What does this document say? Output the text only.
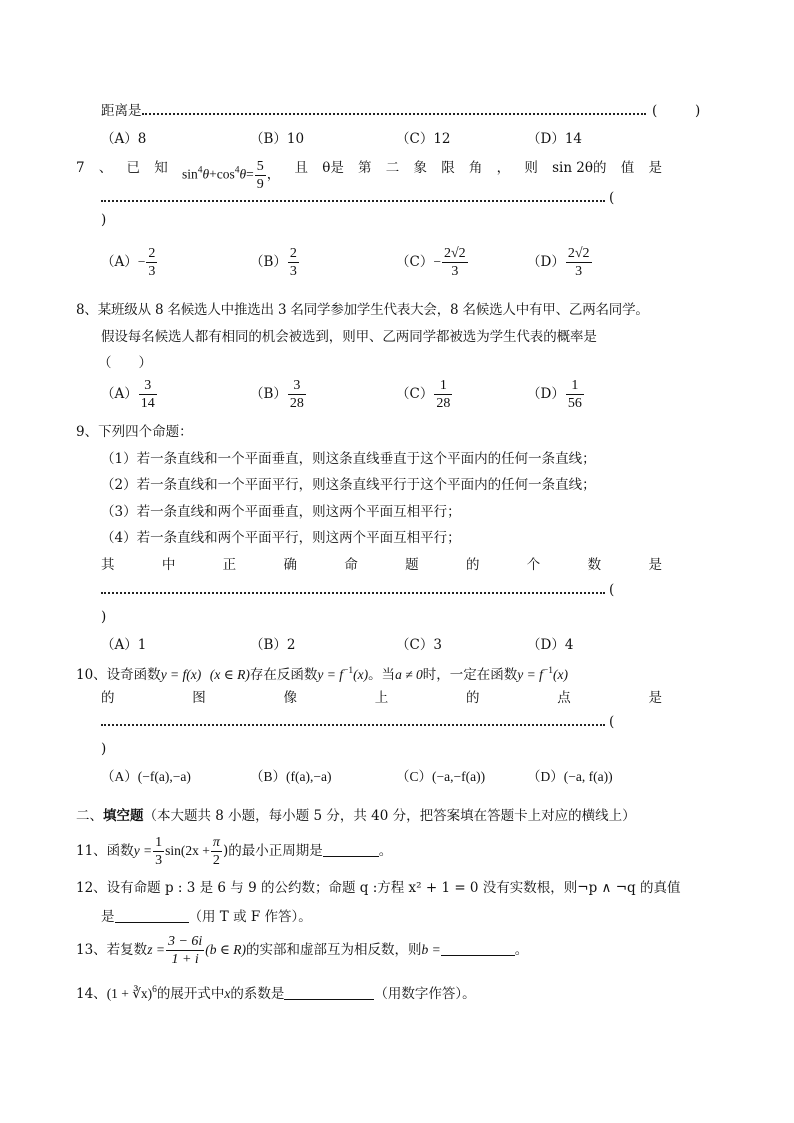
距离是	(	)
（A）8	（B）10	（C）12	（D）14
7 、 已 知 $\sin^4\theta+\cos^4\theta= \frac{5}{9}$ ， 且 θ是 第 二 象 限 角 ， 则 sin 2θ的 值 是
(
)
$(A)- \frac{2}{3}$	$(B) \frac{2}{3}$	$(C)- \frac{2√2}{3}$	$(D) \frac{2√2}{3}$
8、某班级从 8 名候选人中推选出 3 名同学参加学生代表大会，8 名候选人中有甲、乙两名同学。
假设每名候选人都有相同的机会被选到，则甲、乙两同学都被选为学生代表的概率是
（　　）
$(A) \frac{3}{14}$	$(B) \frac{3}{28}$	$(C) \frac{1}{28}$	$(D) \frac{1}{56}$
9、下列四个命题：
（1）若一条直线和一个平面垂直，则这条直线垂直于这个平面内的任何一条直线；
（2）若一条直线和一个平面平行，则这条直线平行于这个平面内的任何一条直线；
（3）若一条直线和两个平面垂直，则这两个平面互相平行；
（4）若一条直线和两个平面平行，则这两个平面互相平行；
其	中	正	确	命	题	的	个	数	是
(
)
（A）1	（B）2	（C）3	（D）4
10、设奇函数y = f(x) (x ∈ R)存在反函数$y = f^{-1}(x)$。当a ≠ 0时，一定在函数$y = f^{-1}(x)$
的	图	像	上	的	点	是
(
)
（A）(−f(a),−a)	（B）(f(a),−a)	（C）(−a,−f(a))	（D）(−a, f(a))
二、填空题（本大题共 8 小题，每小题 5 分，共 40 分，把答案填在答题卡上对应的横线上）
11、函数$y = \frac{1}{3} \sin(2x + \frac{\pi}{2}$ )的最小正周期是	。
12、设有命题 p : 3 是 6 与 9 的公约数；命题 q :方程 x² + 1 = 0 没有实数根，则¬p ∧ ¬q 的真值
是	（用 T 或 F 作答）。
13、若复数$z = \frac{3 - 6i}{1 + i} (b$ ∈ R)的实部和虚部互为相反数，则b =	。
14、(1 + ∛x)$^6$的展开式中x的系数是	（用数字作答）。
